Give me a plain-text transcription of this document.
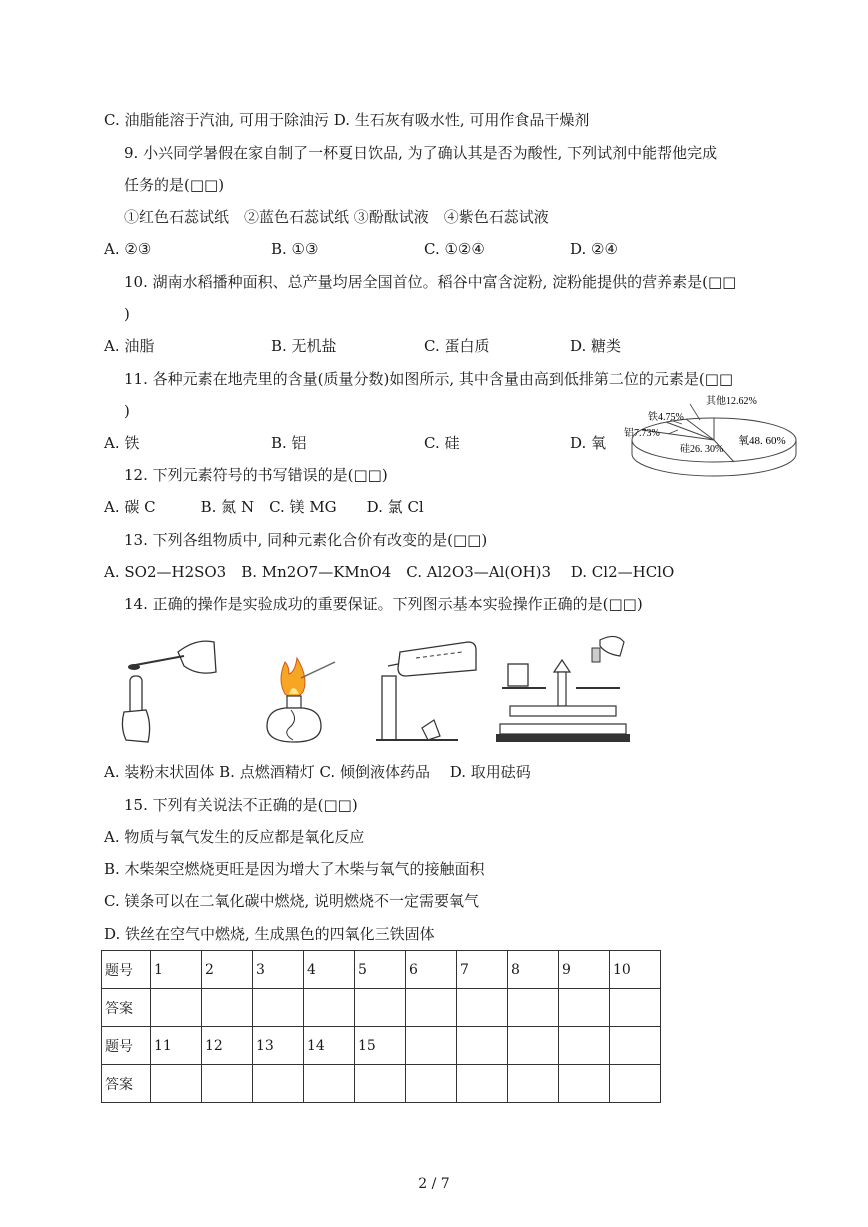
C. 油脂能溶于汽油, 可用于除油污 D. 生石灰有吸水性, 可用作食品干燥剂
9. 小兴同学暑假在家自制了一杯夏日饮品, 为了确认其是否为酸性, 下列试剂中能帮他完成
任务的是(□□)
①红色石蕊试纸　②蓝色石蕊试纸 ③酚酞试液　④紫色石蕊试液
A. ②③	B. ①③	C. ①②④	D. ②④
10. 湖南水稻播种面积、总产量均居全国首位。稻谷中富含淀粉, 淀粉能提供的营养素是(□□
)
A. 油脂	B. 无机盐	C. 蛋白质	D. 糖类
11. 各种元素在地壳里的含量(质量分数)如图所示, 其中含量由高到低排第二位的元素是(□□
)
A. 铁	B. 铝	C. 硅	D. 氧
其他12.62%
铁4.75%
铝7.73%
硅26. 30%
氧48. 60%
12. 下列元素符号的书写错误的是(□□)
A. 碳 C　　　B. 氮 N　C. 镁 MG　　D. 氯 Cl
13. 下列各组物质中, 同种元素化合价有改变的是(□□)
A. SO2—H2SO3　B. Mn2O7—KMnO4　C. Al2O3—Al(OH)3　 D. Cl2—HClO
14. 正确的操作是实验成功的重要保证。下列图示基本实验操作正确的是(□□)
A. 装粉末状固体 B. 点燃酒精灯 C. 倾倒液体药品　 D. 取用砝码
15. 下列有关说法不正确的是(□□)
A. 物质与氧气发生的反应都是氧化反应
B. 木柴架空燃烧更旺是因为增大了木柴与氧气的接触面积
C. 镁条可以在二氧化碳中燃烧, 说明燃烧不一定需要氧气
D. 铁丝在空气中燃烧, 生成黑色的四氧化三铁固体
题号	1	2	3	4	5	6	7	8	9	10
答案										
题号	11	12	13	14	15					
答案										
2 / 7
